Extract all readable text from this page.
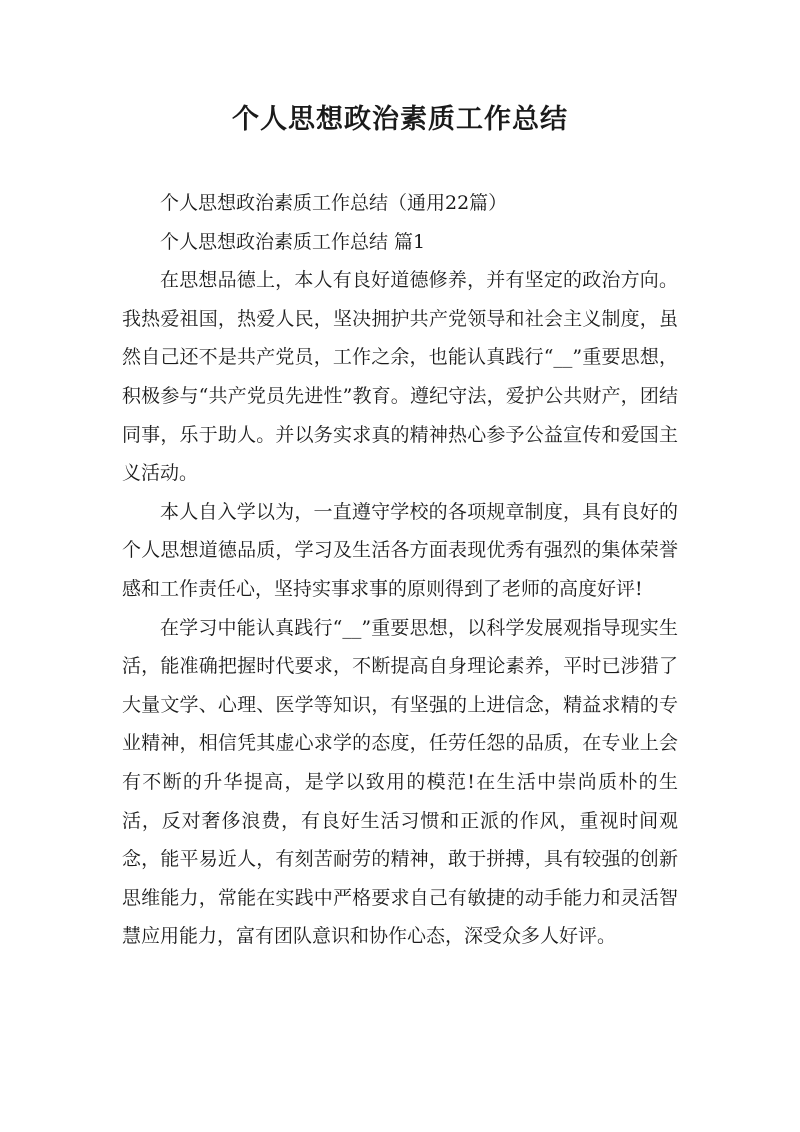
个人思想政治素质工作总结

个人思想政治素质工作总结（通用22篇）

个人思想政治素质工作总结 篇1

在思想品德上，本人有良好道德修养，并有坚定的政治方向。我热爱祖国，热爱人民，坚决拥护共产党领导和社会主义制度，虽然自己还不是共产党员，工作之余，也能认真践行“__”重要思想，积极参与“共产党员先进性”教育。遵纪守法，爱护公共财产，团结同事，乐于助人。并以务实求真的精神热心参予公益宣传和爱国主义活动。

本人自入学以为，一直遵守学校的各项规章制度，具有良好的个人思想道德品质，学习及生活各方面表现优秀有强烈的集体荣誉感和工作责任心，坚持实事求事的原则得到了老师的高度好评!

在学习中能认真践行“__”重要思想，以科学发展观指导现实生活，能准确把握时代要求，不断提高自身理论素养，平时已涉猎了大量文学、心理、医学等知识，有坚强的上进信念，精益求精的专业精神，相信凭其虚心求学的态度，任劳任怨的品质，在专业上会有不断的升华提高，是学以致用的模范!在生活中崇尚质朴的生活，反对奢侈浪费，有良好生活习惯和正派的作风，重视时间观念，能平易近人，有刻苦耐劳的精神，敢于拼搏，具有较强的创新思维能力，常能在实践中严格要求自己有敏捷的动手能力和灵活智慧应用能力，富有团队意识和协作心态，深受众多人好评。
